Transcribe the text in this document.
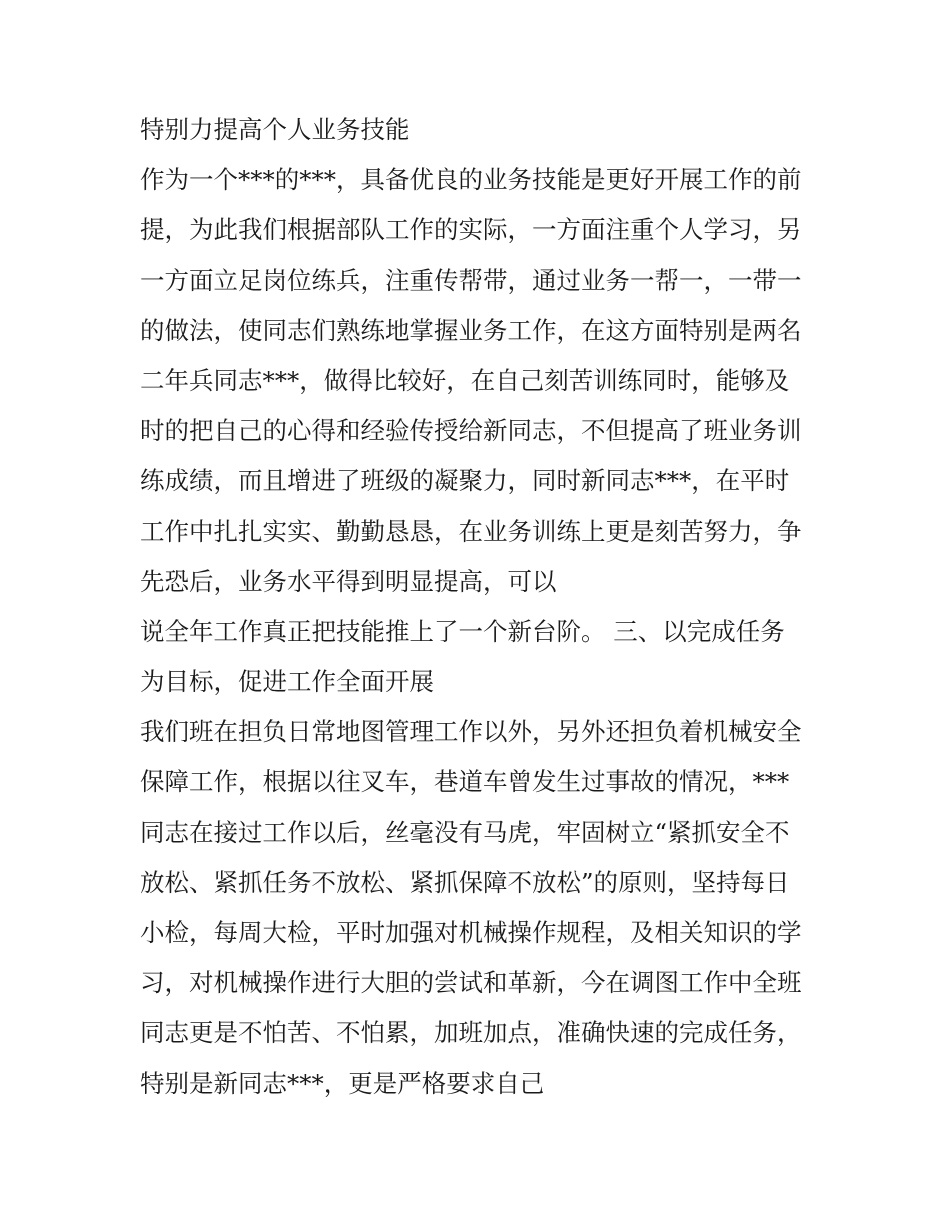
特别力提高个人业务技能
作为一个***的***，具备优良的业务技能是更好开展工作的前
提，为此我们根据部队工作的实际，一方面注重个人学习，另
一方面立足岗位练兵，注重传帮带，通过业务一帮一，一带一
的做法，使同志们熟练地掌握业务工作，在这方面特别是两名
二年兵同志***，做得比较好，在自己刻苦训练同时，能够及
时的把自己的心得和经验传授给新同志，不但提高了班业务训
练成绩，而且增进了班级的凝聚力，同时新同志***，在平时
工作中扎扎实实、勤勤恳恳，在业务训练上更是刻苦努力，争
先恐后，业务水平得到明显提高，可以
说全年工作真正把技能推上了一个新台阶。 三、以完成任务
为目标，促进工作全面开展
我们班在担负日常地图管理工作以外，另外还担负着机械安全
保障工作，根据以往叉车，巷道车曾发生过事故的情况，***
同志在接过工作以后，丝毫没有马虎，牢固树立“紧抓安全不
放松、紧抓任务不放松、紧抓保障不放松”的原则，坚持每日
小检，每周大检，平时加强对机械操作规程，及相关知识的学
习，对机械操作进行大胆的尝试和革新，今在调图工作中全班
同志更是不怕苦、不怕累，加班加点，准确快速的完成任务，
特别是新同志***，更是严格要求自己
